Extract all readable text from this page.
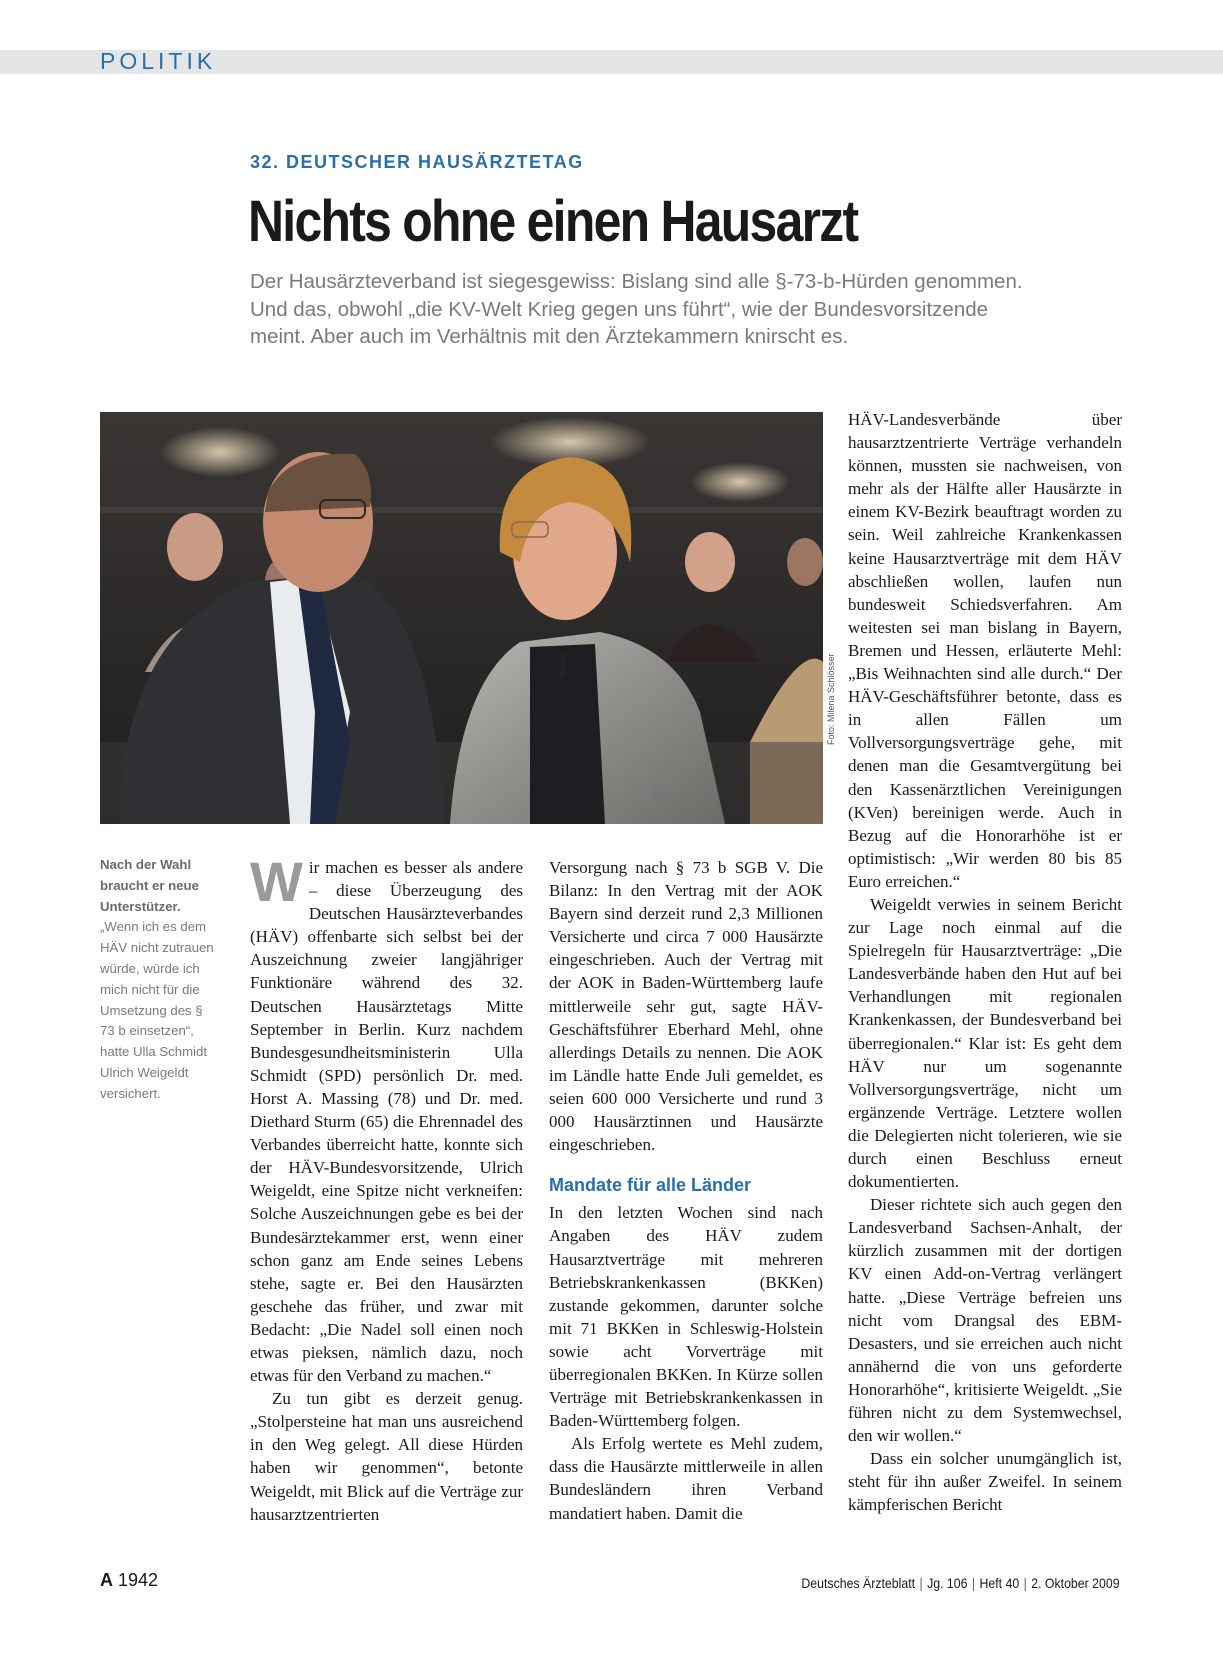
POLITIK
32. DEUTSCHER HAUSÄRZTETAG
Nichts ohne einen Hausarzt
Der Hausärzteverband ist siegesgewiss: Bislang sind alle §-73-b-Hürden genommen.
Und das, obwohl „die KV-Welt Krieg gegen uns führt“, wie der Bundesvorsitzende
meint. Aber auch im Verhältnis mit den Ärztekammern knirscht es.
Foto: Milena Schlösser
Nach der Wahl braucht er neue Unterstützer.
„Wenn ich es dem HÄV nicht zutrauen würde, würde ich mich nicht für die Umsetzung des § 73 b einsetzen“, hatte Ulla Schmidt Ulrich Weigeldt versichert.
W ir machen es besser als andere – diese Überzeugung des Deutschen Hausärzteverbandes (HÄV) offenbarte sich selbst bei der Auszeichnung zweier langjähriger Funktionäre während des 32. Deutschen Hausärztetags Mitte September in Berlin. Kurz nachdem Bundesgesundheitsministerin Ulla Schmidt (SPD) persönlich Dr. med. Horst A. Massing (78) und Dr. med. Diethard Sturm (65) die Ehrennadel des Verbandes überreicht hatte, konnte sich der HÄV-Bundesvorsitzende, Ulrich Weigeldt, eine Spitze nicht verkneifen: Solche Auszeichnungen gebe es bei der Bundesärztekammer erst, wenn einer schon ganz am Ende seines Lebens stehe, sagte er. Bei den Hausärzten geschehe das früher, und zwar mit Bedacht: „Die Nadel soll einen noch etwas pieksen, nämlich dazu, noch etwas für den Verband zu machen.“

Zu tun gibt es derzeit genug. „Stolpersteine hat man uns ausreichend in den Weg gelegt. All diese Hürden haben wir genommen“, betonte Weigeldt, mit Blick auf die Verträge zur hausarztzentrierten

Versorgung nach § 73 b SGB V. Die Bilanz: In den Vertrag mit der AOK Bayern sind derzeit rund 2,3 Millionen Versicherte und circa 7 000 Hausärzte eingeschrieben. Auch der Vertrag mit der AOK in Baden-Württemberg laufe mittlerweile sehr gut, sagte HÄV-Geschäftsführer Eberhard Mehl, ohne allerdings Details zu nennen. Die AOK im Ländle hatte Ende Juli gemeldet, es seien 600 000 Versicherte und rund 3 000 Hausärztinnen und Hausärzte eingeschrieben.

Mandate für alle Länder

In den letzten Wochen sind nach Angaben des HÄV zudem Hausarztverträge mit mehreren Betriebskrankenkassen (BKKen) zustande gekommen, darunter solche mit 71 BKKen in Schleswig-Holstein sowie acht Vorverträge mit überregionalen BKKen. In Kürze sollen Verträge mit Betriebskrankenkassen in Baden-Württemberg folgen.

Als Erfolg wertete es Mehl zudem, dass die Hausärzte mittlerweile in allen Bundesländern ihren Verband mandatiert haben. Damit die

HÄV-Landesverbände über hausarztzentrierte Verträge verhandeln können, mussten sie nachweisen, von mehr als der Hälfte aller Hausärzte in einem KV-Bezirk beauftragt worden zu sein. Weil zahlreiche Krankenkassen keine Hausarztverträge mit dem HÄV abschließen wollen, laufen nun bundesweit Schiedsverfahren. Am weitesten sei man bislang in Bayern, Bremen und Hessen, erläuterte Mehl: „Bis Weihnachten sind alle durch.“ Der HÄV-Geschäftsführer betonte, dass es in allen Fällen um Vollversorgungsverträge gehe, mit denen man die Gesamtvergütung bei den Kassenärztlichen Vereinigungen (KVen) bereinigen werde. Auch in Bezug auf die Honorarhöhe ist er optimistisch: „Wir werden 80 bis 85 Euro erreichen.“

Weigeldt verwies in seinem Bericht zur Lage noch einmal auf die Spielregeln für Hausarztverträge: „Die Landesverbände haben den Hut auf bei Verhandlungen mit regionalen Krankenkassen, der Bundesverband bei überregionalen.“ Klar ist: Es geht dem HÄV nur um sogenannte Vollversorgungsverträge, nicht um ergänzende Verträge. Letztere wollen die Delegierten nicht tolerieren, wie sie durch einen Beschluss erneut dokumentierten.

Dieser richtete sich auch gegen den Landesverband Sachsen-Anhalt, der kürzlich zusammen mit der dortigen KV einen Add-on-Vertrag verlängert hatte. „Diese Verträge befreien uns nicht vom Drangsal des EBM-Desasters, und sie erreichen auch nicht annähernd die von uns geforderte Honorarhöhe“, kritisierte Weigeldt. „Sie führen nicht zu dem Systemwechsel, den wir wollen.“

Dass ein solcher unumgänglich ist, steht für ihn außer Zweifel. In seinem kämpferischen Bericht

A 1942	Deutsches Ärzteblatt | Jg. 106 | Heft 40 | 2. Oktober 2009
